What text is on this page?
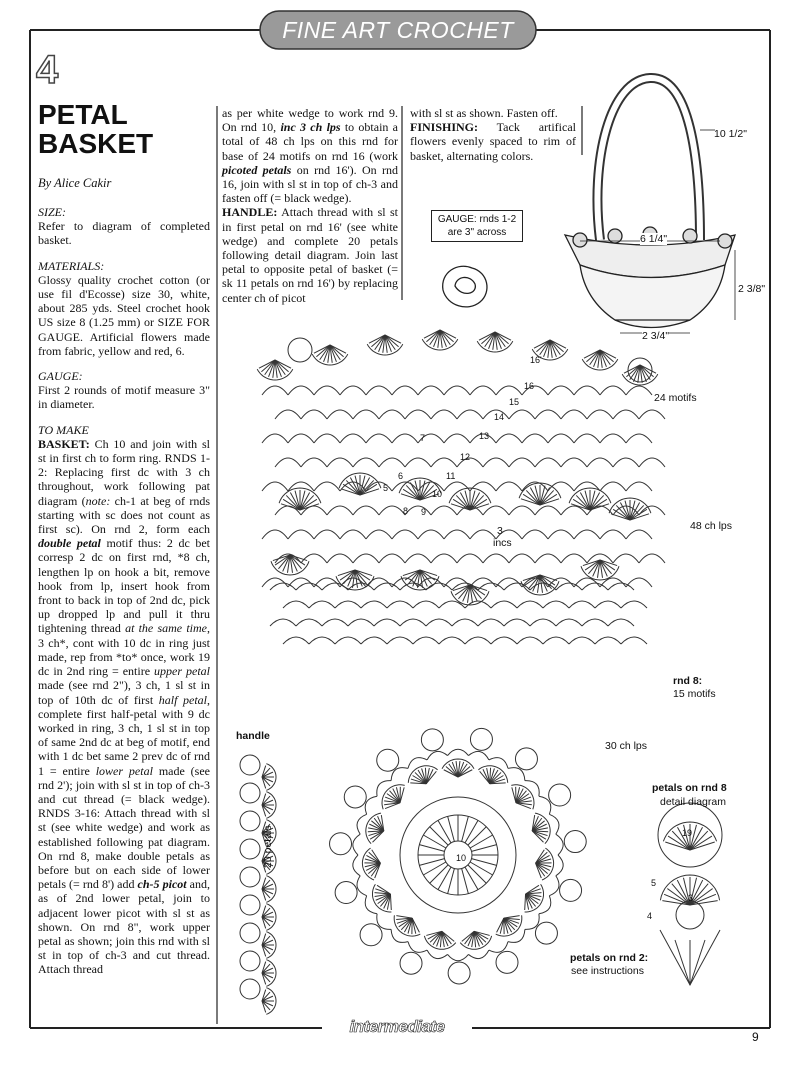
FINE ART CROCHET
4
PETAL BASKET
By Alice Cakir

SIZE:
Refer to diagram of completed basket.

MATERIALS:
Glossy quality crochet cotton (or use fil d'Ecosse) size 30, white, about 285 yds. Steel crochet hook US size 8 (1.25 mm) or SIZE FOR GAUGE. Artificial flowers made from fabric, yellow and red, 6.

GAUGE:
First 2 rounds of motif measure 3" in diameter.

TO MAKE
BASKET: Ch 10 and join with sl st in first ch to form ring. RNDS 1-2: Replacing first dc with 3 ch throughout, work following pat diagram (note: ch-1 at beg of rnds starting with sc does not count as first sc). On rnd 2, form each double petal motif thus: 2 dc bet corresp 2 dc on first rnd, *8 ch, lengthen lp on hook a bit, remove hook from lp, insert hook from front to back in top of 2nd dc, pick up dropped lp and pull it thru tightening thread at the same time, 3 ch*, cont with 10 dc in ring just made, rep from *to* once, work 19 dc in 2nd ring = entire upper petal made (see rnd 2"), 3 ch, 1 sl st in top of 10th dc of first half petal, complete first half-petal with 9 dc worked in ring, 3 ch, 1 sl st in top of same 2nd dc at beg of motif, end with 1 dc bet same 2 prev dc of rnd 1 = entire lower petal made (see rnd 2'); join with sl st in top of ch-3 and cut thread (= black wedge). RNDS 3-16: Attach thread with sl st (see white wedge) and work as established following pat diagram. On rnd 8, make double petals as before but on each side of lower petals (= rnd 8') add ch-5 picot and, as of 2nd lower petal, join to adjacent lower picot with sl st as shown. On rnd 8", work upper petal as shown; join this rnd with sl st in top of ch-3 and cut thread. Attach thread

as per white wedge to work rnd 9. On rnd 10, inc 3 ch lps to obtain a total of 48 ch lps on this rnd for base of 24 motifs on rnd 16 (work picoted petals on rnd 16'). On rnd 16, join with sl st in top of ch-3 and fasten off (= black wedge).
HANDLE: Attach thread with sl st in first petal on rnd 16' (see white wedge) and complete 20 petals following detail diagram. Join last petal to opposite petal of basket (= sk 11 petals on rnd 16') by replacing center ch of picot

with sl st as shown. Fasten off.
FINISHING: Tack artifical flowers evenly spaced to rim of basket, alternating colors.

GAUGE: rnds 1-2 are 3" across
10 1/2"
6 1/4"
2 3/8"
2 3/4"
24 motifs
48 ch lps
3
incs
rnd 8:
15 motifs
30 ch lps
handle
20 petals
petals on rnd 8
detail diagram
petals on rnd 2:
see instructions
16'
16
15
14
13
12
11
10
9
8
7
6
5
10
19
5
4
3
intermediate
9
